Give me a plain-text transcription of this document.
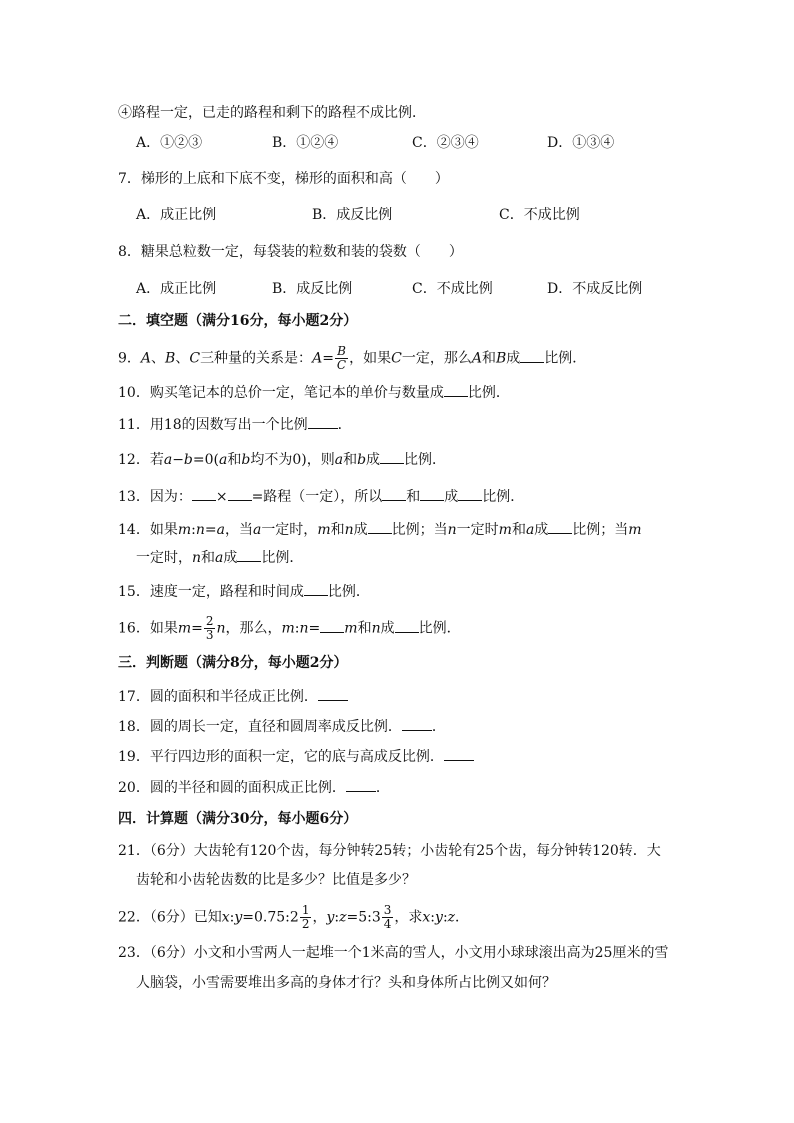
④路程一定，已走的路程和剩下的路程不成比例．
A．①②③	B．①②④	C．②③④	D．①③④
7．梯形的上底和下底不变，梯形的面积和高（　　）
A．成正比例	B．成反比例	C．不成比例
8．糖果总粒数一定，每袋装的粒数和装的袋数（　　）
A．成正比例	B．成反比例	C．不成比例	D．不成反比例
二．填空题（满分16分，每小题2分）
9．A、B、C三种量的关系是：$A= \frac{B}{C}$ ，如果C一定，那么A和B成 比例．
10．购买笔记本的总价一定，笔记本的单价与数量成 比例．
11．用18的因数写出一个比例 ．
12．若a−b=0(a和b均不为0)，则a和b成 比例．
13．因为： × =路程（一定），所以 和 成 比例．
14．如果m:n=a，当a一定时，m和n成 比例；当n一定时m和a成 比例；当m
一定时，n和a成 比例．
15．速度一定，路程和时间成 比例．
16．如果$m= \frac{2}{3}$ n，那么，m:n= m和n成 比例．
三．判断题（满分8分，每小题2分）
17．圆的面积和半径成正比例．
18．圆的周长一定，直径和圆周率成反比例． ．
19．平行四边形的面积一定，它的底与高成反比例．
20．圆的半径和圆的面积成正比例． ．
四．计算题（满分30分，每小题6分）
21．（6分）大齿轮有120个齿，每分钟转25转；小齿轮有25个齿，每分钟转120转．大
齿轮和小齿轮齿数的比是多少？比值是多少？
22．（6分）已知x:y=0.75:2 $\frac{1}{2}$ ，y:z=5:3 $\frac{3}{4}$ ，求x:y:z．
23．（6分）小文和小雪两人一起堆一个1米高的雪人，小文用小球球滚出高为25厘米的雪
人脑袋，小雪需要堆出多高的身体才行？头和身体所占比例又如何？
